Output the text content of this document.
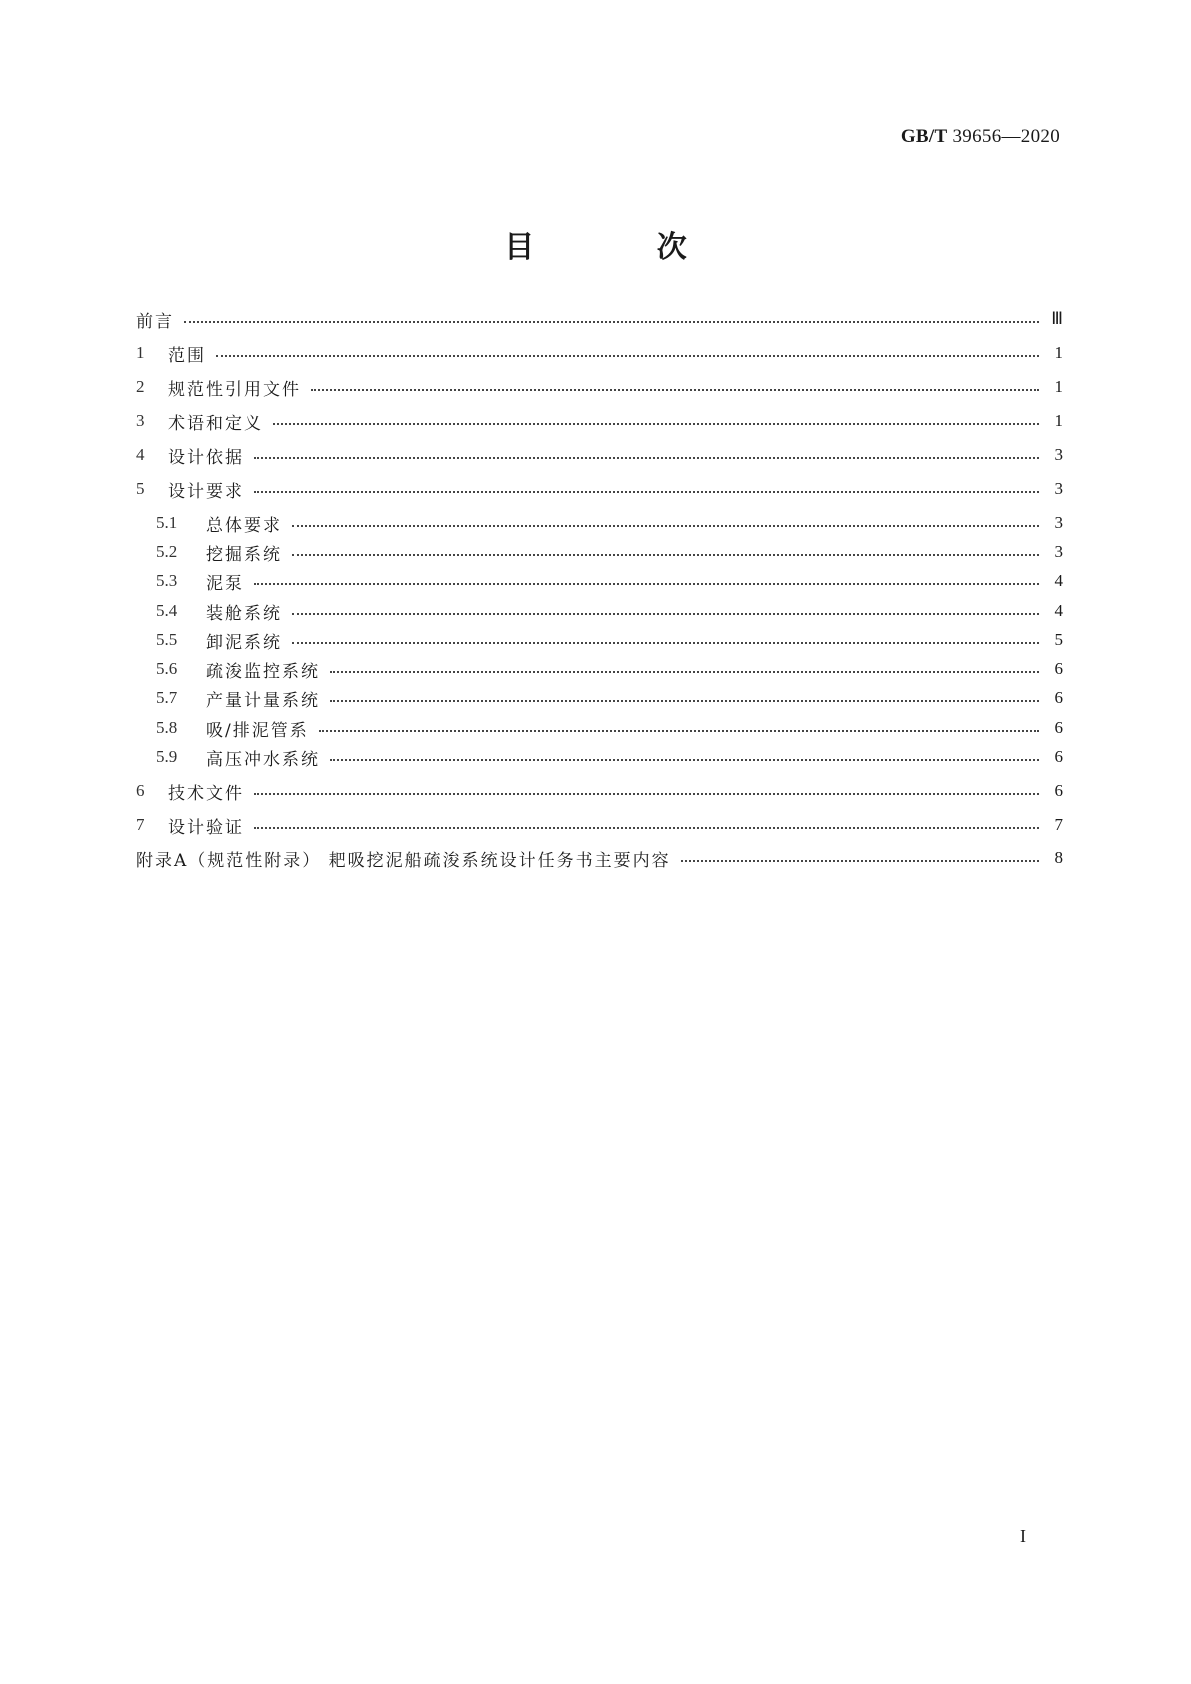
GB/T 39656—2020
目 次
前言	Ⅲ
1	范围	1
2	规范性引用文件	1
3	术语和定义	1
4	设计依据	3
5	设计要求	3
5.1	总体要求	3
5.2	挖掘系统	3
5.3	泥泵	4
5.4	装舱系统	4
5.5	卸泥系统	5
5.6	疏浚监控系统	6
5.7	产量计量系统	6
5.8	吸/排泥管系	6
5.9	高压冲水系统	6
6	技术文件	6
7	设计验证	7
附录A（规范性附录） 耙吸挖泥船疏浚系统设计任务书主要内容	8
I
